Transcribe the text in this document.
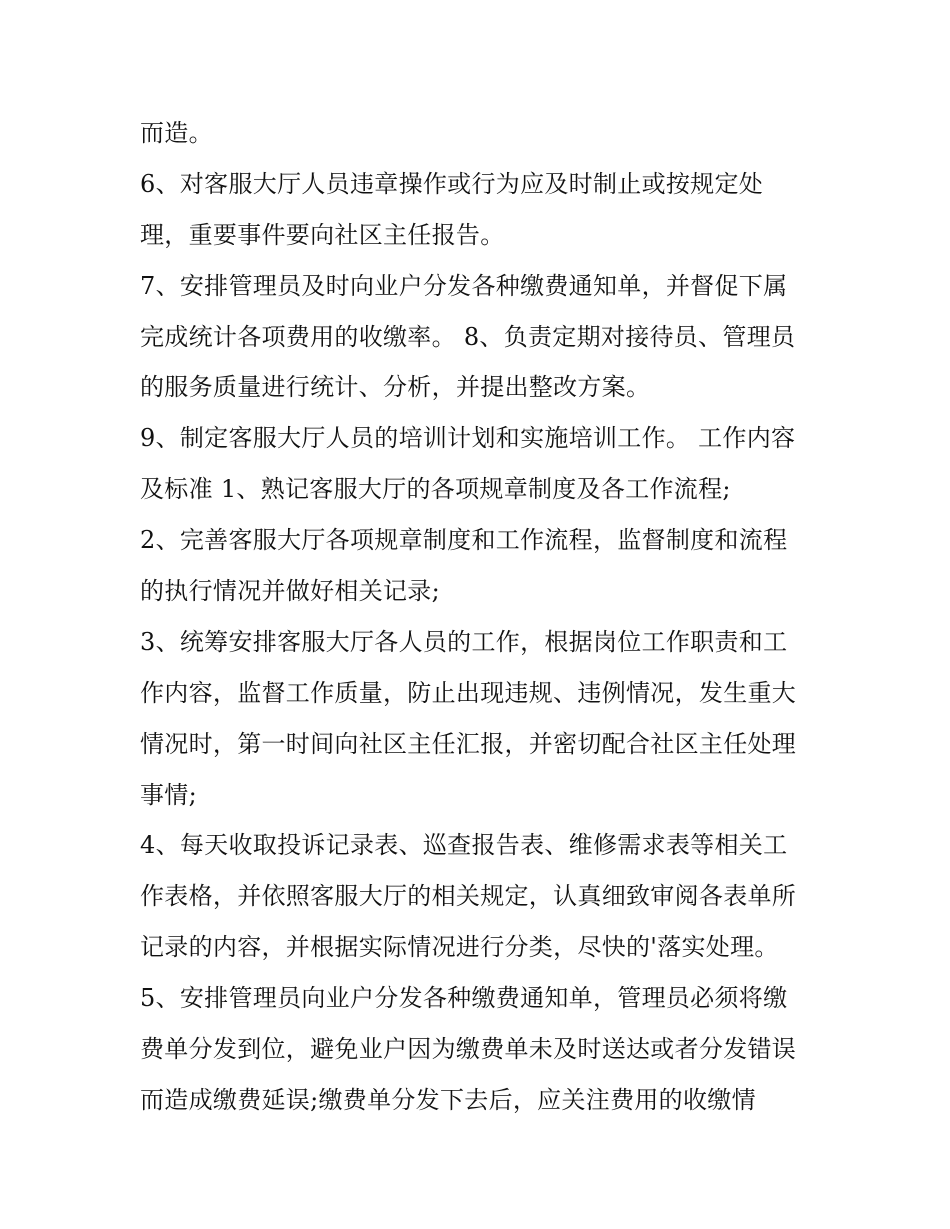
而造。
6、对客服大厅人员违章操作或行为应及时制止或按规定处
理，重要事件要向社区主任报告。
7、安排管理员及时向业户分发各种缴费通知单，并督促下属
完成统计各项费用的收缴率。 8、负责定期对接待员、管理员
的服务质量进行统计、分析，并提出整改方案。
9、制定客服大厅人员的培训计划和实施培训工作。 工作内容
及标准 1、熟记客服大厅的各项规章制度及各工作流程;
2、完善客服大厅各项规章制度和工作流程，监督制度和流程
的执行情况并做好相关记录;
3、统筹安排客服大厅各人员的工作，根据岗位工作职责和工
作内容，监督工作质量，防止出现违规、违例情况，发生重大
情况时，第一时间向社区主任汇报，并密切配合社区主任处理
事情;
4、每天收取投诉记录表、巡查报告表、维修需求表等相关工
作表格，并依照客服大厅的相关规定，认真细致审阅各表单所
记录的内容，并根据实际情况进行分类，尽快的'落实处理。
5、安排管理员向业户分发各种缴费通知单，管理员必须将缴
费单分发到位，避免业户因为缴费单未及时送达或者分发错误
而造成缴费延误;缴费单分发下去后，应关注费用的收缴情
